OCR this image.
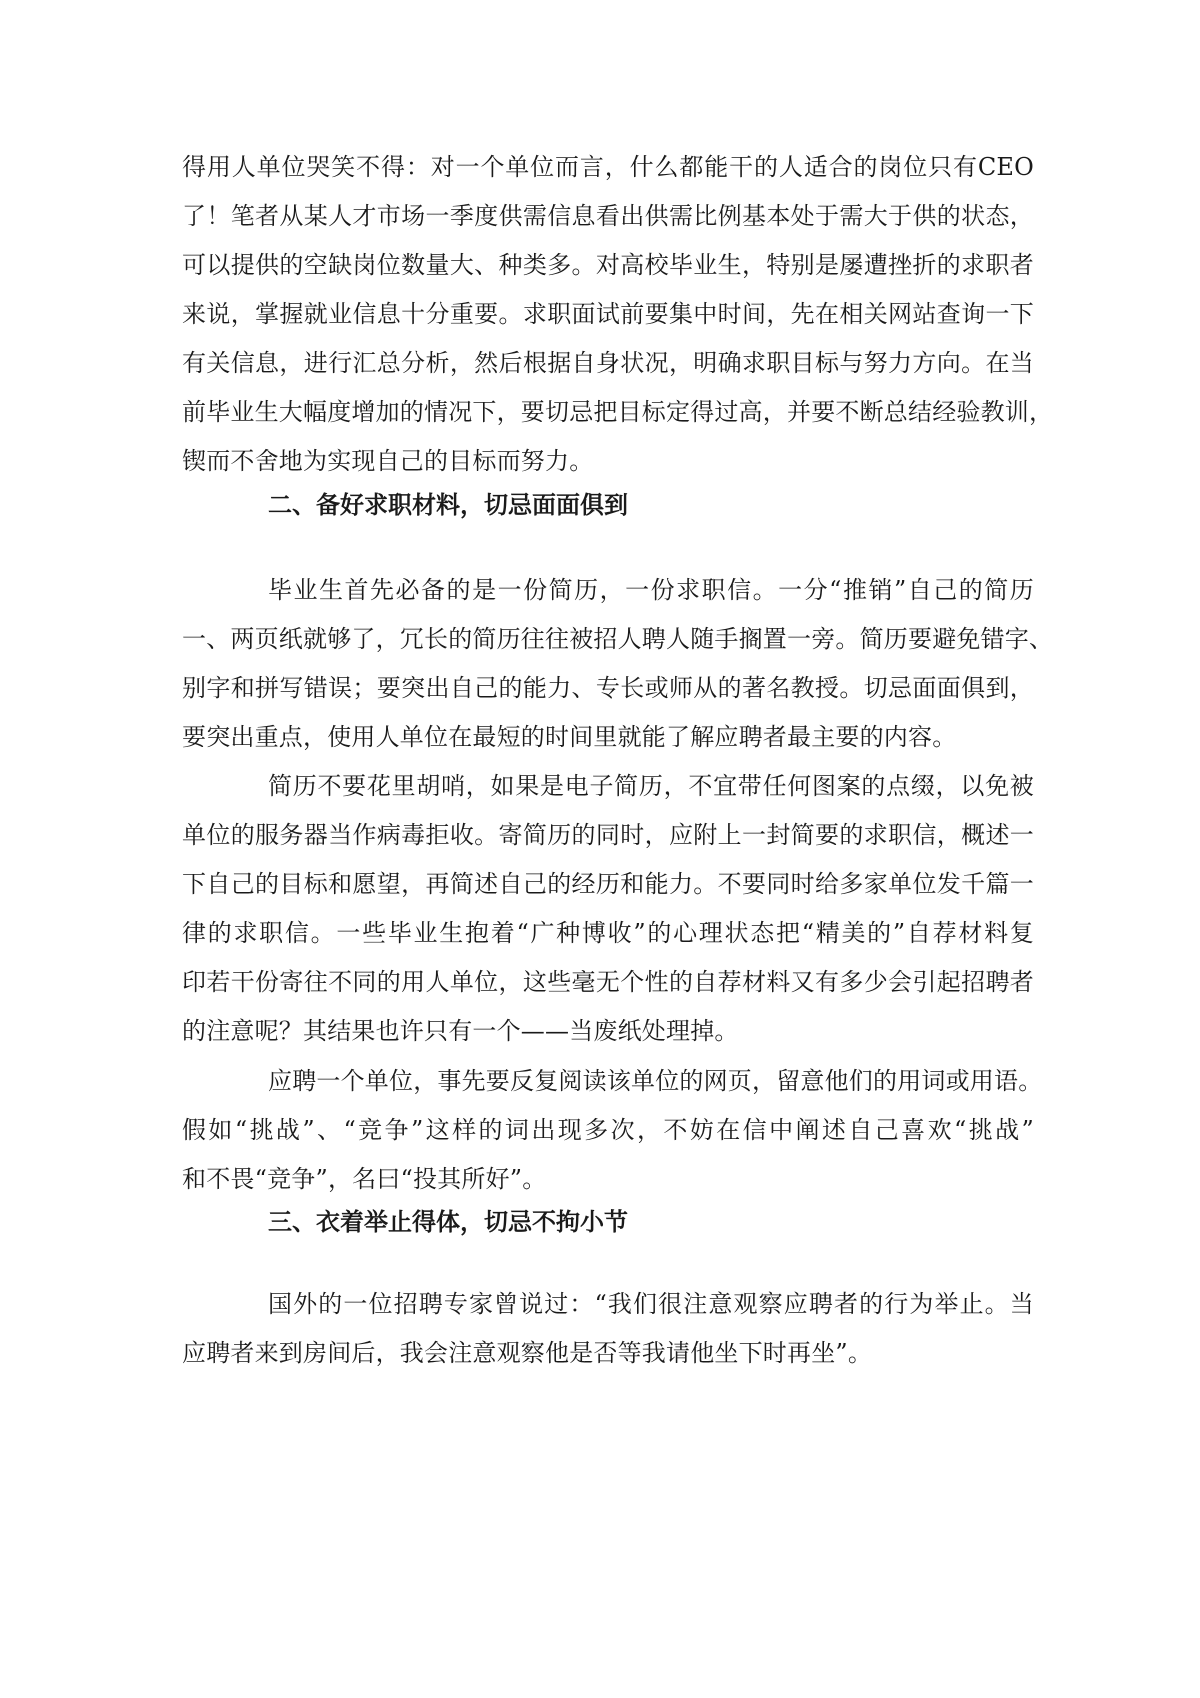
得用人单位哭笑不得：对一个单位而言，什么都能干的人适合的岗位只有CEO
了！笔者从某人才市场一季度供需信息看出供需比例基本处于需大于供的状态，
可以提供的空缺岗位数量大、种类多。对高校毕业生，特别是屡遭挫折的求职者
来说，掌握就业信息十分重要。求职面试前要集中时间，先在相关网站查询一下
有关信息，进行汇总分析，然后根据自身状况，明确求职目标与努力方向。在当
前毕业生大幅度增加的情况下，要切忌把目标定得过高，并要不断总结经验教训，
锲而不舍地为实现自己的目标而努力。
二、备好求职材料，切忌面面俱到
毕业生首先必备的是一份简历，一份求职信。一分“推销”自己的简历
一、两页纸就够了，冗长的简历往往被招人聘人随手搁置一旁。简历要避免错字、
别字和拼写错误；要突出自己的能力、专长或师从的著名教授。切忌面面俱到，
要突出重点，使用人单位在最短的时间里就能了解应聘者最主要的内容。
简历不要花里胡哨，如果是电子简历，不宜带任何图案的点缀，以免被
单位的服务器当作病毒拒收。寄简历的同时，应附上一封简要的求职信，概述一
下自己的目标和愿望，再简述自己的经历和能力。不要同时给多家单位发千篇一
律的求职信。一些毕业生抱着“广种博收”的心理状态把“精美的”自荐材料复
印若干份寄往不同的用人单位，这些毫无个性的自荐材料又有多少会引起招聘者
的注意呢？其结果也许只有一个——当废纸处理掉。
应聘一个单位，事先要反复阅读该单位的网页，留意他们的用词或用语。
假如“挑战”、“竞争”这样的词出现多次，不妨在信中阐述自己喜欢“挑战”
和不畏“竞争”，名曰“投其所好”。
三、衣着举止得体，切忌不拘小节
国外的一位招聘专家曾说过：“我们很注意观察应聘者的行为举止。当
应聘者来到房间后，我会注意观察他是否等我请他坐下时再坐”。
